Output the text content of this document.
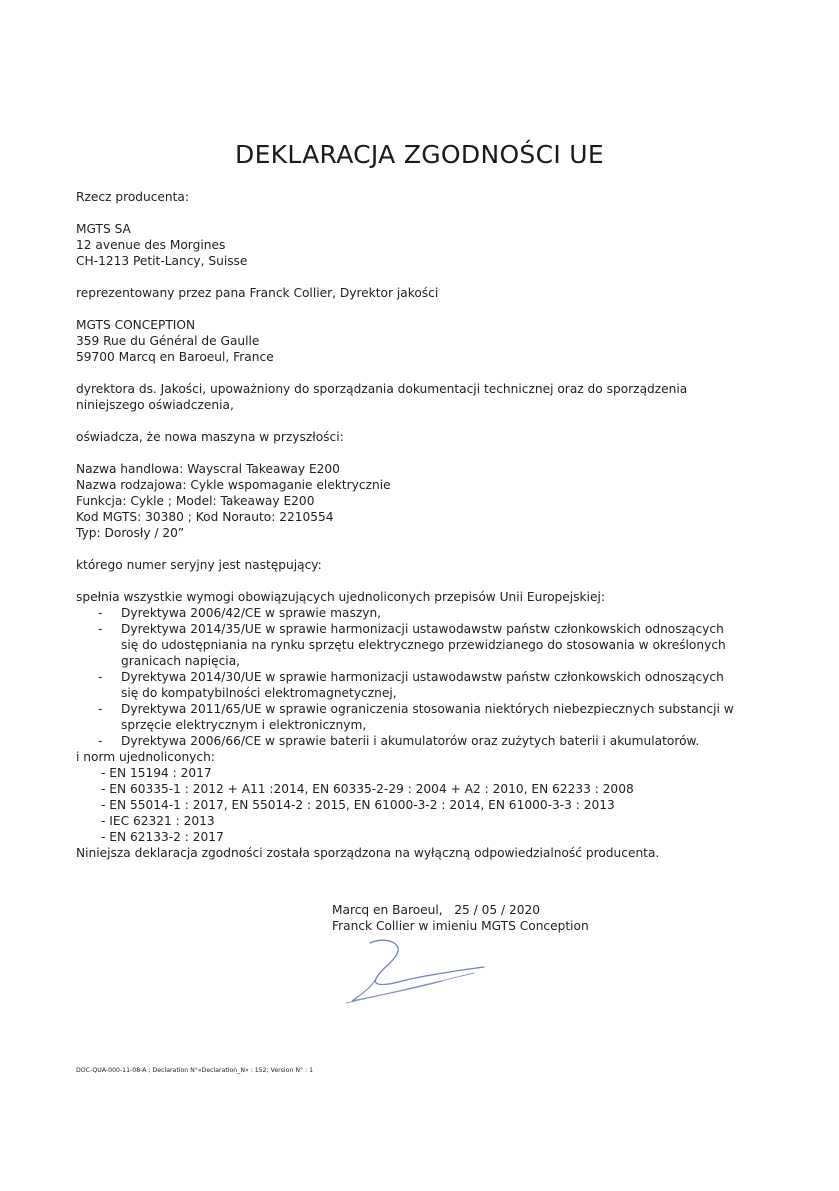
DEKLARACJA ZGODNOŚCI UE

Rzecz producenta:

MGTS SA
12 avenue des Morgines
CH-1213 Petit-Lancy, Suisse

reprezentowany przez pana Franck Collier, Dyrektor jakości

MGTS CONCEPTION
359 Rue du Général de Gaulle
59700 Marcq en Baroeul, France
dyrektora ds. Jakości, upoważniony do sporządzania dokumentacji technicznej oraz do sporządzenia
niniejszego oświadczenia,

oświadcza, że nowa maszyna w przyszłości:

Nazwa handlowa: Wayscral Takeaway E200
Nazwa rodzajowa: Cykle wspomaganie elektrycznie
Funkcja: Cykle ; Model: Takeaway E200
Kod MGTS: 30380 ; Kod Norauto: 2210554
Typ: Dorosły / 20”

którego numer seryjny jest następujący:

spełnia wszystkie wymogi obowiązujących ujednoliconych przepisów Unii Europejskiej:

- Dyrektywa 2006/42/CE w sprawie maszyn,
- Dyrektywa 2014/35/UE w sprawie harmonizacji ustawodawstw państw członkowskich odnoszących
się do udostępniania na rynku sprzętu elektrycznego przewidzianego do stosowania w określonych
granicach napięcia,
- Dyrektywa 2014/30/UE w sprawie harmonizacji ustawodawstw państw członkowskich odnoszących
się do kompatybilności elektromagnetycznej,
- Dyrektywa 2011/65/UE w sprawie ograniczenia stosowania niektórych niebezpiecznych substancji w
sprzęcie elektrycznym i elektronicznym,
- Dyrektywa 2006/66/CE w sprawie baterii i akumulatorów oraz zużytych baterii i akumulatorów.

i norm ujednoliconych:

- EN 15194 : 2017
- EN 60335-1 : 2012 + A11 :2014, EN 60335-2-29 : 2004 + A2 : 2010, EN 62233 : 2008
- EN 55014-1 : 2017, EN 55014-2 : 2015, EN 61000-3-2 : 2014, EN 61000-3-3 : 2013
- IEC 62321 : 2013
- EN 62133-2 : 2017

Niniejsza deklaracja zgodności została sporządzona na wyłączną odpowiedzialność producenta.

Marcq en Baroeul,   25 / 05 / 2020
Franck Collier w imieniu MGTS Conception
DOC-QUA-000-11-08-A ; Declaration N°«Declaration_N» : 152; Version N° : 1
